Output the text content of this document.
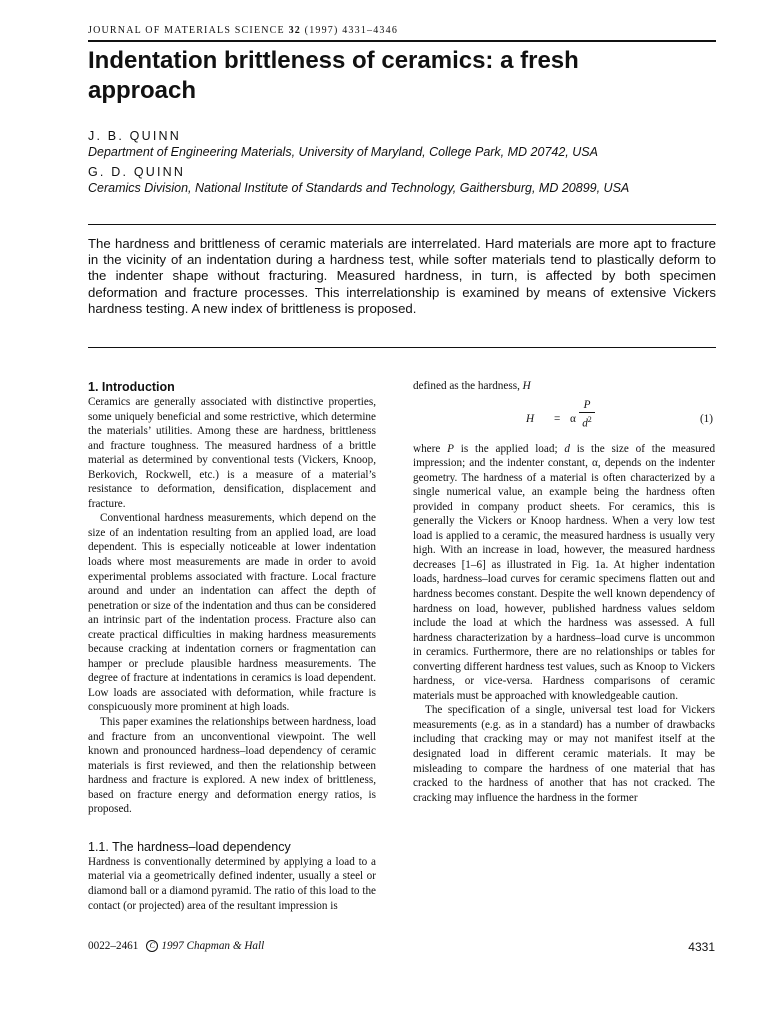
JOURNAL OF MATERIALS SCIENCE 32 (1997) 4331–4346
Indentation brittleness of ceramics: a fresh approach
J. B. QUINN
Department of Engineering Materials, University of Maryland, College Park, MD 20742, USA
G. D. QUINN
Ceramics Division, National Institute of Standards and Technology, Gaithersburg, MD 20899, USA
The hardness and brittleness of ceramic materials are interrelated. Hard materials are more apt to fracture in the vicinity of an indentation during a hardness test, while softer materials tend to plastically deform to the indenter shape without fracturing. Measured hardness, in turn, is affected by both specimen deformation and fracture processes. This interrelationship is examined by means of extensive Vickers hardness testing. A new index of brittleness is proposed.
1. Introduction

Ceramics are generally associated with distinctive properties, some uniquely beneficial and some restrictive, which determine the materials’ utilities. Among these are hardness, brittleness and fracture toughness. The measured hardness of a brittle material as determined by conventional tests (Vickers, Knoop, Berkovich, Rockwell, etc.) is a measure of a material’s resistance to deformation, densification, displacement and fracture.

Conventional hardness measurements, which depend on the size of an indentation resulting from an applied load, are load dependent. This is especially noticeable at lower indentation loads where most measurements are made in order to avoid experimental problems associated with fracture. Local fracture around and under an indentation can affect the depth of penetration or size of the indentation and thus can be considered an intrinsic part of the indentation process. Fracture also can create practical difficulties in making hardness measurements because cracking at indentation corners or fragmentation can hamper or preclude plausible hardness measurements. The degree of fracture at indentations in ceramics is load dependent. Low loads are associated with deformation, while fracture is conspicuously more prominent at high loads.

This paper examines the relationships between hardness, load and fracture from an unconventional viewpoint. The well known and pronounced hardness–load dependency of ceramic materials is first reviewed, and then the relationship between hardness and fracture is explored. A new index of brittleness, based on fracture energy and deformation energy ratios, is proposed.

1.1. The hardness–load dependency

Hardness is conventionally determined by applying a load to a material via a geometrically defined indenter, usually a steel or diamond ball or a diamond pyramid. The ratio of this load to the contact (or projected) area of the resultant impression is

defined as the hardness, H

H = α $\frac{P}{d^2}$	(1)

where P is the applied load; d is the size of the measured impression; and the indenter constant, α, depends on the indenter geometry. The hardness of a material is often characterized by a single numerical value, an example being the hardness often provided in company product sheets. For ceramics, this is generally the Vickers or Knoop hardness. When a very low test load is applied to a ceramic, the measured hardness is usually very high. With an increase in load, however, the measured hardness decreases [1–6] as illustrated in Fig. 1a. At higher indentation loads, hardness–load curves for ceramic specimens flatten out and hardness becomes constant. Despite the well known dependency of hardness on load, however, published hardness values seldom include the load at which the hardness was assessed. A full hardness characterization by a hardness–load curve is uncommon in ceramics. Furthermore, there are no relationships or tables for converting different hardness test values, such as Knoop to Vickers hardness, or vice-versa. Hardness comparisons of ceramic materials must be approached with knowledgeable caution.

The specification of a single, universal test load for Vickers measurements (e.g. as in a standard) has a number of drawbacks including that cracking may or may not manifest itself at the designated load in different ceramic materials. It may be misleading to compare the hardness of one material that has cracked to the hardness of another that has not cracked. The cracking may influence the hardness in the former

0022–2461 C 1997 Chapman & Hall	4331
